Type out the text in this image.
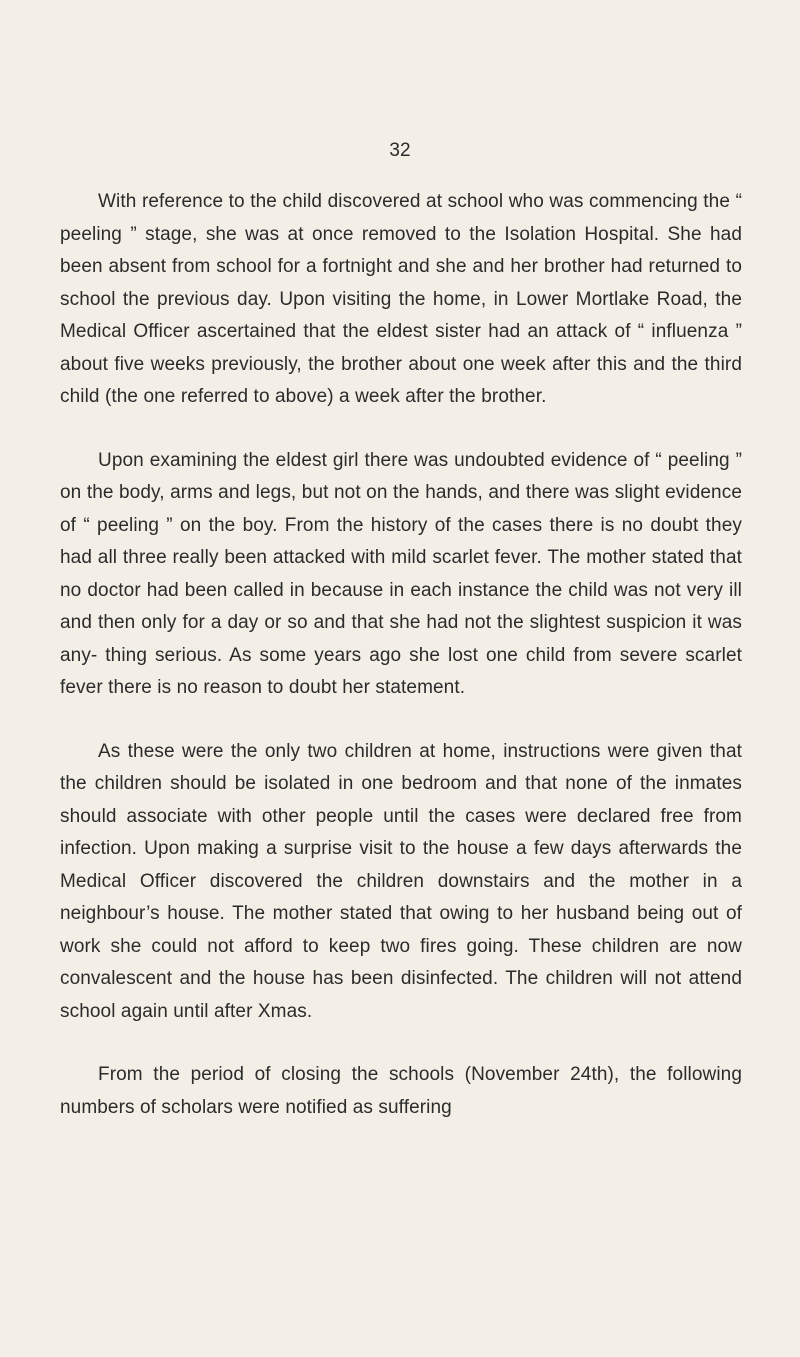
32

With reference to the child discovered at school who was commencing the “ peeling ” stage, she was at once removed to the Isolation Hospital. She had been absent from school for a fortnight and she and her brother had returned to school the previous day. Upon visiting the home, in Lower Mortlake Road, the Medical Officer ascertained that the eldest sister had an attack of “ influenza ” about five weeks previously, the brother about one week after this and the third child (the one referred to above) a week after the brother.

Upon examining the eldest girl there was undoubted evidence of “ peeling ” on the body, arms and legs, but not on the hands, and there was slight evidence of “ peeling ” on the boy. From the history of the cases there is no doubt they had all three really been attacked with mild scarlet fever. The mother stated that no doctor had been called in because in each instance the child was not very ill and then only for a day or so and that she had not the slightest suspicion it was any- thing serious. As some years ago she lost one child from severe scarlet fever there is no reason to doubt her statement.

As these were the only two children at home, instructions were given that the children should be isolated in one bedroom and that none of the inmates should associate with other people until the cases were declared free from infection. Upon making a surprise visit to the house a few days afterwards the Medical Officer discovered the children downstairs and the mother in a neighbour’s house. The mother stated that owing to her husband being out of work she could not afford to keep two fires going. These children are now convalescent and the house has been disinfected. The children will not attend school again until after Xmas.

From the period of closing the schools (November 24th), the following numbers of scholars were notified as suffering
